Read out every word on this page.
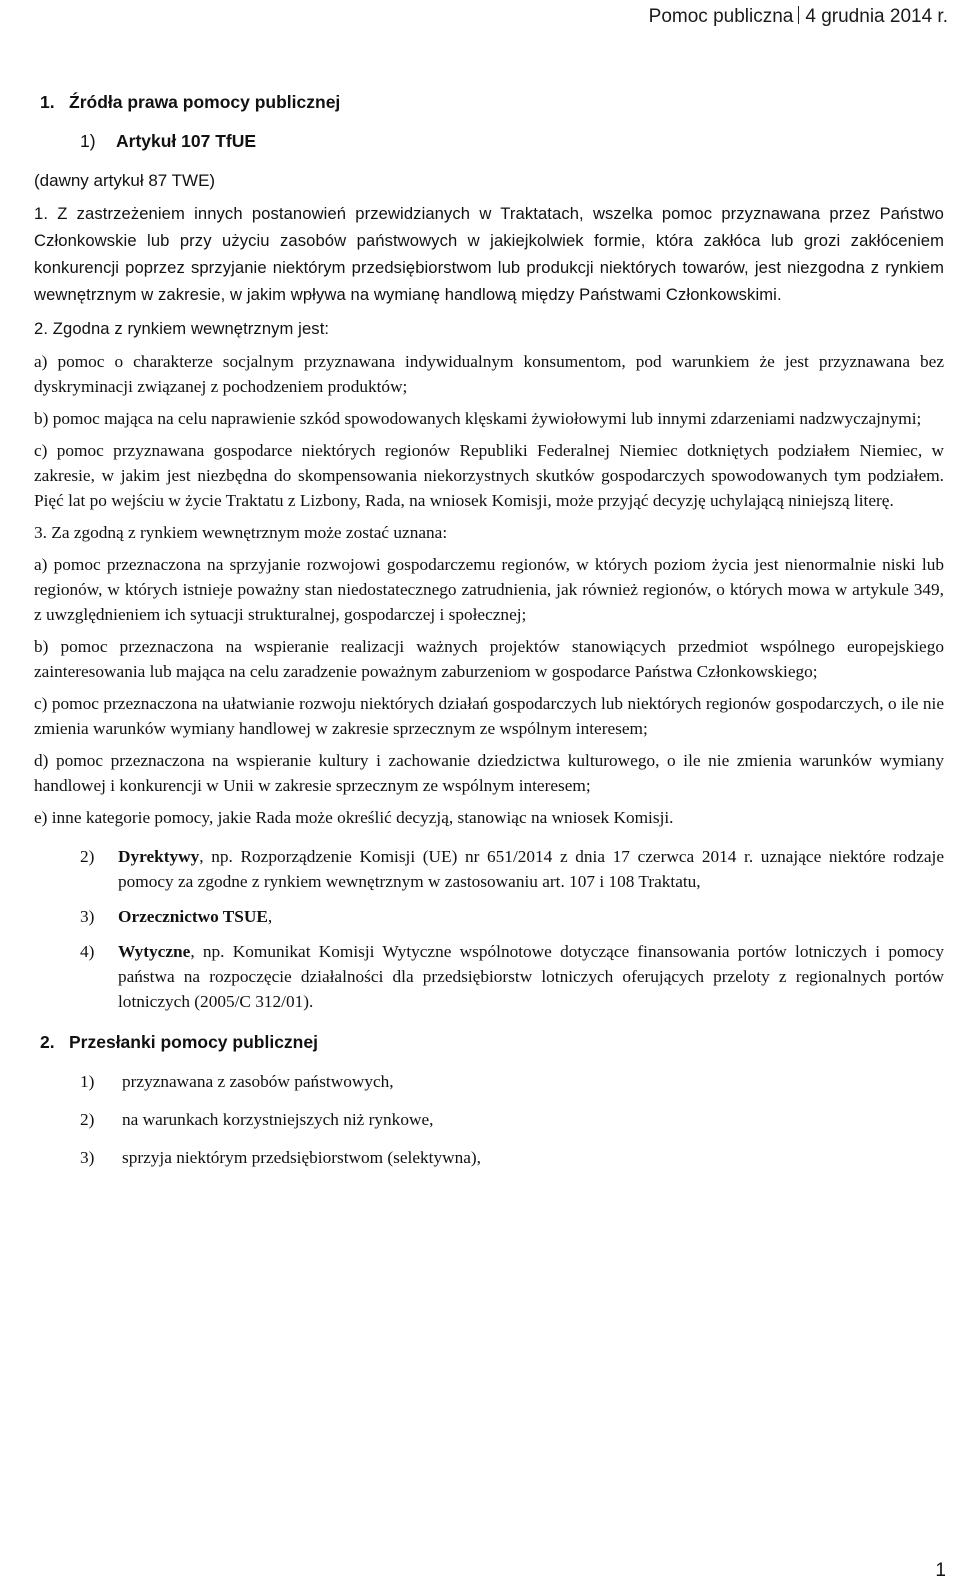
Pomoc publiczna 4 grudnia 2014 r.

1. Źródła prawa pomocy publicznej

1) Artykuł 107 TfUE

(dawny artykuł 87 TWE)

1. Z zastrzeżeniem innych postanowień przewidzianych w Traktatach, wszelka pomoc przyznawana przez Państwo Członkowskie lub przy użyciu zasobów państwowych w jakiejkolwiek formie, która zakłóca lub grozi zakłóceniem konkurencji poprzez sprzyjanie niektórym przedsiębiorstwom lub produkcji niektórych towarów, jest niezgodna z rynkiem wewnętrznym w zakresie, w jakim wpływa na wymianę handlową między Państwami Członkowskimi.

2. Zgodna z rynkiem wewnętrznym jest:

a) pomoc o charakterze socjalnym przyznawana indywidualnym konsumentom, pod warunkiem że jest przyznawana bez dyskryminacji związanej z pochodzeniem produktów;

b) pomoc mająca na celu naprawienie szkód spowodowanych klęskami żywiołowymi lub innymi zdarzeniami nadzwyczajnymi;

c) pomoc przyznawana gospodarce niektórych regionów Republiki Federalnej Niemiec dotkniętych podziałem Niemiec, w zakresie, w jakim jest niezbędna do skompensowania niekorzystnych skutków gospodarczych spowodowanych tym podziałem. Pięć lat po wejściu w życie Traktatu z Lizbony, Rada, na wniosek Komisji, może przyjąć decyzję uchylającą niniejszą literę.

3. Za zgodną z rynkiem wewnętrznym może zostać uznana:

a) pomoc przeznaczona na sprzyjanie rozwojowi gospodarczemu regionów, w których poziom życia jest nienormalnie niski lub regionów, w których istnieje poważny stan niedostatecznego zatrudnienia, jak również regionów, o których mowa w artykule 349, z uwzględnieniem ich sytuacji strukturalnej, gospodarczej i społecznej;

b) pomoc przeznaczona na wspieranie realizacji ważnych projektów stanowiących przedmiot wspólnego europejskiego zainteresowania lub mająca na celu zaradzenie poważnym zaburzeniom w gospodarce Państwa Członkowskiego;

c) pomoc przeznaczona na ułatwianie rozwoju niektórych działań gospodarczych lub niektórych regionów gospodarczych, o ile nie zmienia warunków wymiany handlowej w zakresie sprzecznym ze wspólnym interesem;

d) pomoc przeznaczona na wspieranie kultury i zachowanie dziedzictwa kulturowego, o ile nie zmienia warunków wymiany handlowej i konkurencji w Unii w zakresie sprzecznym ze wspólnym interesem;

e) inne kategorie pomocy, jakie Rada może określić decyzją, stanowiąc na wniosek Komisji.

2)	Dyrektywy, np. Rozporządzenie Komisji (UE) nr 651/2014 z dnia 17 czerwca 2014 r. uznające niektóre rodzaje pomocy za zgodne z rynkiem wewnętrznym w zastosowaniu art. 107 i 108 Traktatu,
3)	Orzecznictwo TSUE,
4)	Wytyczne, np. Komunikat Komisji Wytyczne wspólnotowe dotyczące finansowania portów lotniczych i pomocy państwa na rozpoczęcie działalności dla przedsiębiorstw lotniczych oferujących przeloty z regionalnych portów lotniczych (2005/C 312/01).

2. Przesłanki pomocy publicznej

1)	przyznawana z zasobów państwowych,
2)	na warunkach korzystniejszych niż rynkowe,
3)	sprzyja niektórym przedsiębiorstwom (selektywna),
1
